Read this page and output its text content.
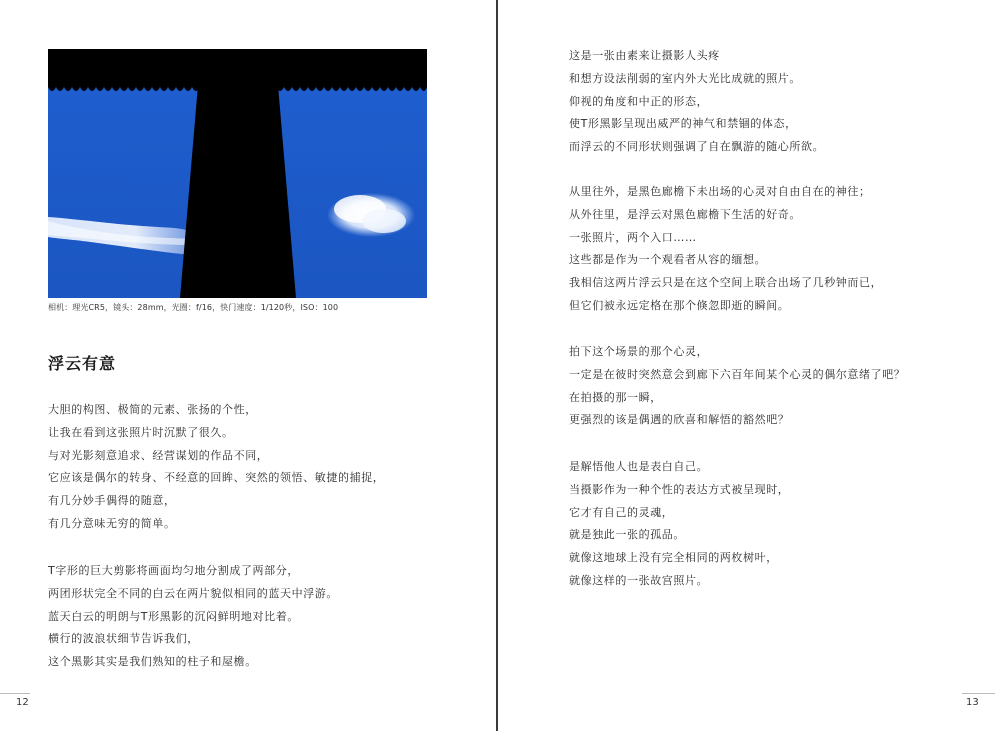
相机：理光CR5，镜头：28mm，光圈：f/16，快门速度：1/120秒，ISO：100
浮云有意
大胆的构图、极简的元素、张扬的个性，
让我在看到这张照片时沉默了很久。
与对光影刻意追求、经营谋划的作品不同，
它应该是偶尔的转身、不经意的回眸、突然的领悟、敏捷的捕捉，
有几分妙手偶得的随意，
有几分意味无穷的简单。
T字形的巨大剪影将画面均匀地分割成了两部分，
两团形状完全不同的白云在两片貌似相同的蓝天中浮游。
蓝天白云的明朗与T形黑影的沉闷鲜明地对比着。
横行的波浪状细节告诉我们，
这个黑影其实是我们熟知的柱子和屋檐。
12
这是一张由素来让摄影人头疼
和想方设法削弱的室内外大光比成就的照片。
仰视的角度和中正的形态，
使T形黑影呈现出威严的神气和禁锢的体态，
而浮云的不同形状则强调了自在飘游的随心所欲。
从里往外，是黑色廊檐下未出场的心灵对自由自在的神往；
从外往里，是浮云对黑色廊檐下生活的好奇。
一张照片，两个入口……
这些都是作为一个观看者从容的缅想。
我相信这两片浮云只是在这个空间上联合出场了几秒钟而已，
但它们被永远定格在那个倏忽即逝的瞬间。
拍下这个场景的那个心灵，
一定是在彼时突然意会到廊下六百年间某个心灵的偶尔意绪了吧？
在拍摄的那一瞬，
更强烈的该是偶遇的欣喜和解悟的豁然吧？
是解悟他人也是表白自己。
当摄影作为一种个性的表达方式被呈现时，
它才有自己的灵魂，
就是独此一张的孤品。
就像这地球上没有完全相同的两枚树叶，
就像这样的一张故宫照片。
13
